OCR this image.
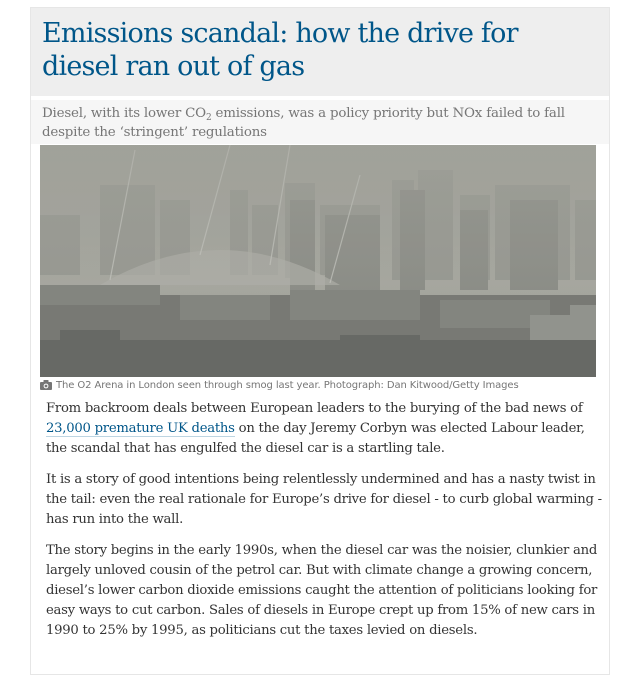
Emissions scandal: how the drive for diesel ran out of gas

Diesel, with its lower $CO_2$ emissions, was a policy priority but NOx failed to fall despite the ‘stringent’ regulations

The O2 Arena in London seen through smog last year. Photograph: Dan Kitwood/Getty Images

From backroom deals between European leaders to the burying of the bad news of 23,000 premature UK deaths on the day Jeremy Corbyn was elected Labour leader, the scandal that has engulfed the diesel car is a startling tale.

It is a story of good intentions being relentlessly undermined and has a nasty twist in the tail: even the real rationale for Europe’s drive for diesel - to curb global warming - has run into the wall.

The story begins in the early 1990s, when the diesel car was the noisier, clunkier and largely unloved cousin of the petrol car. But with climate change a growing concern, diesel’s lower carbon dioxide emissions caught the attention of politicians looking for easy ways to cut carbon. Sales of diesels in Europe crept up from 15% of new cars in 1990 to 25% by 1995, as politicians cut the taxes levied on diesels.
